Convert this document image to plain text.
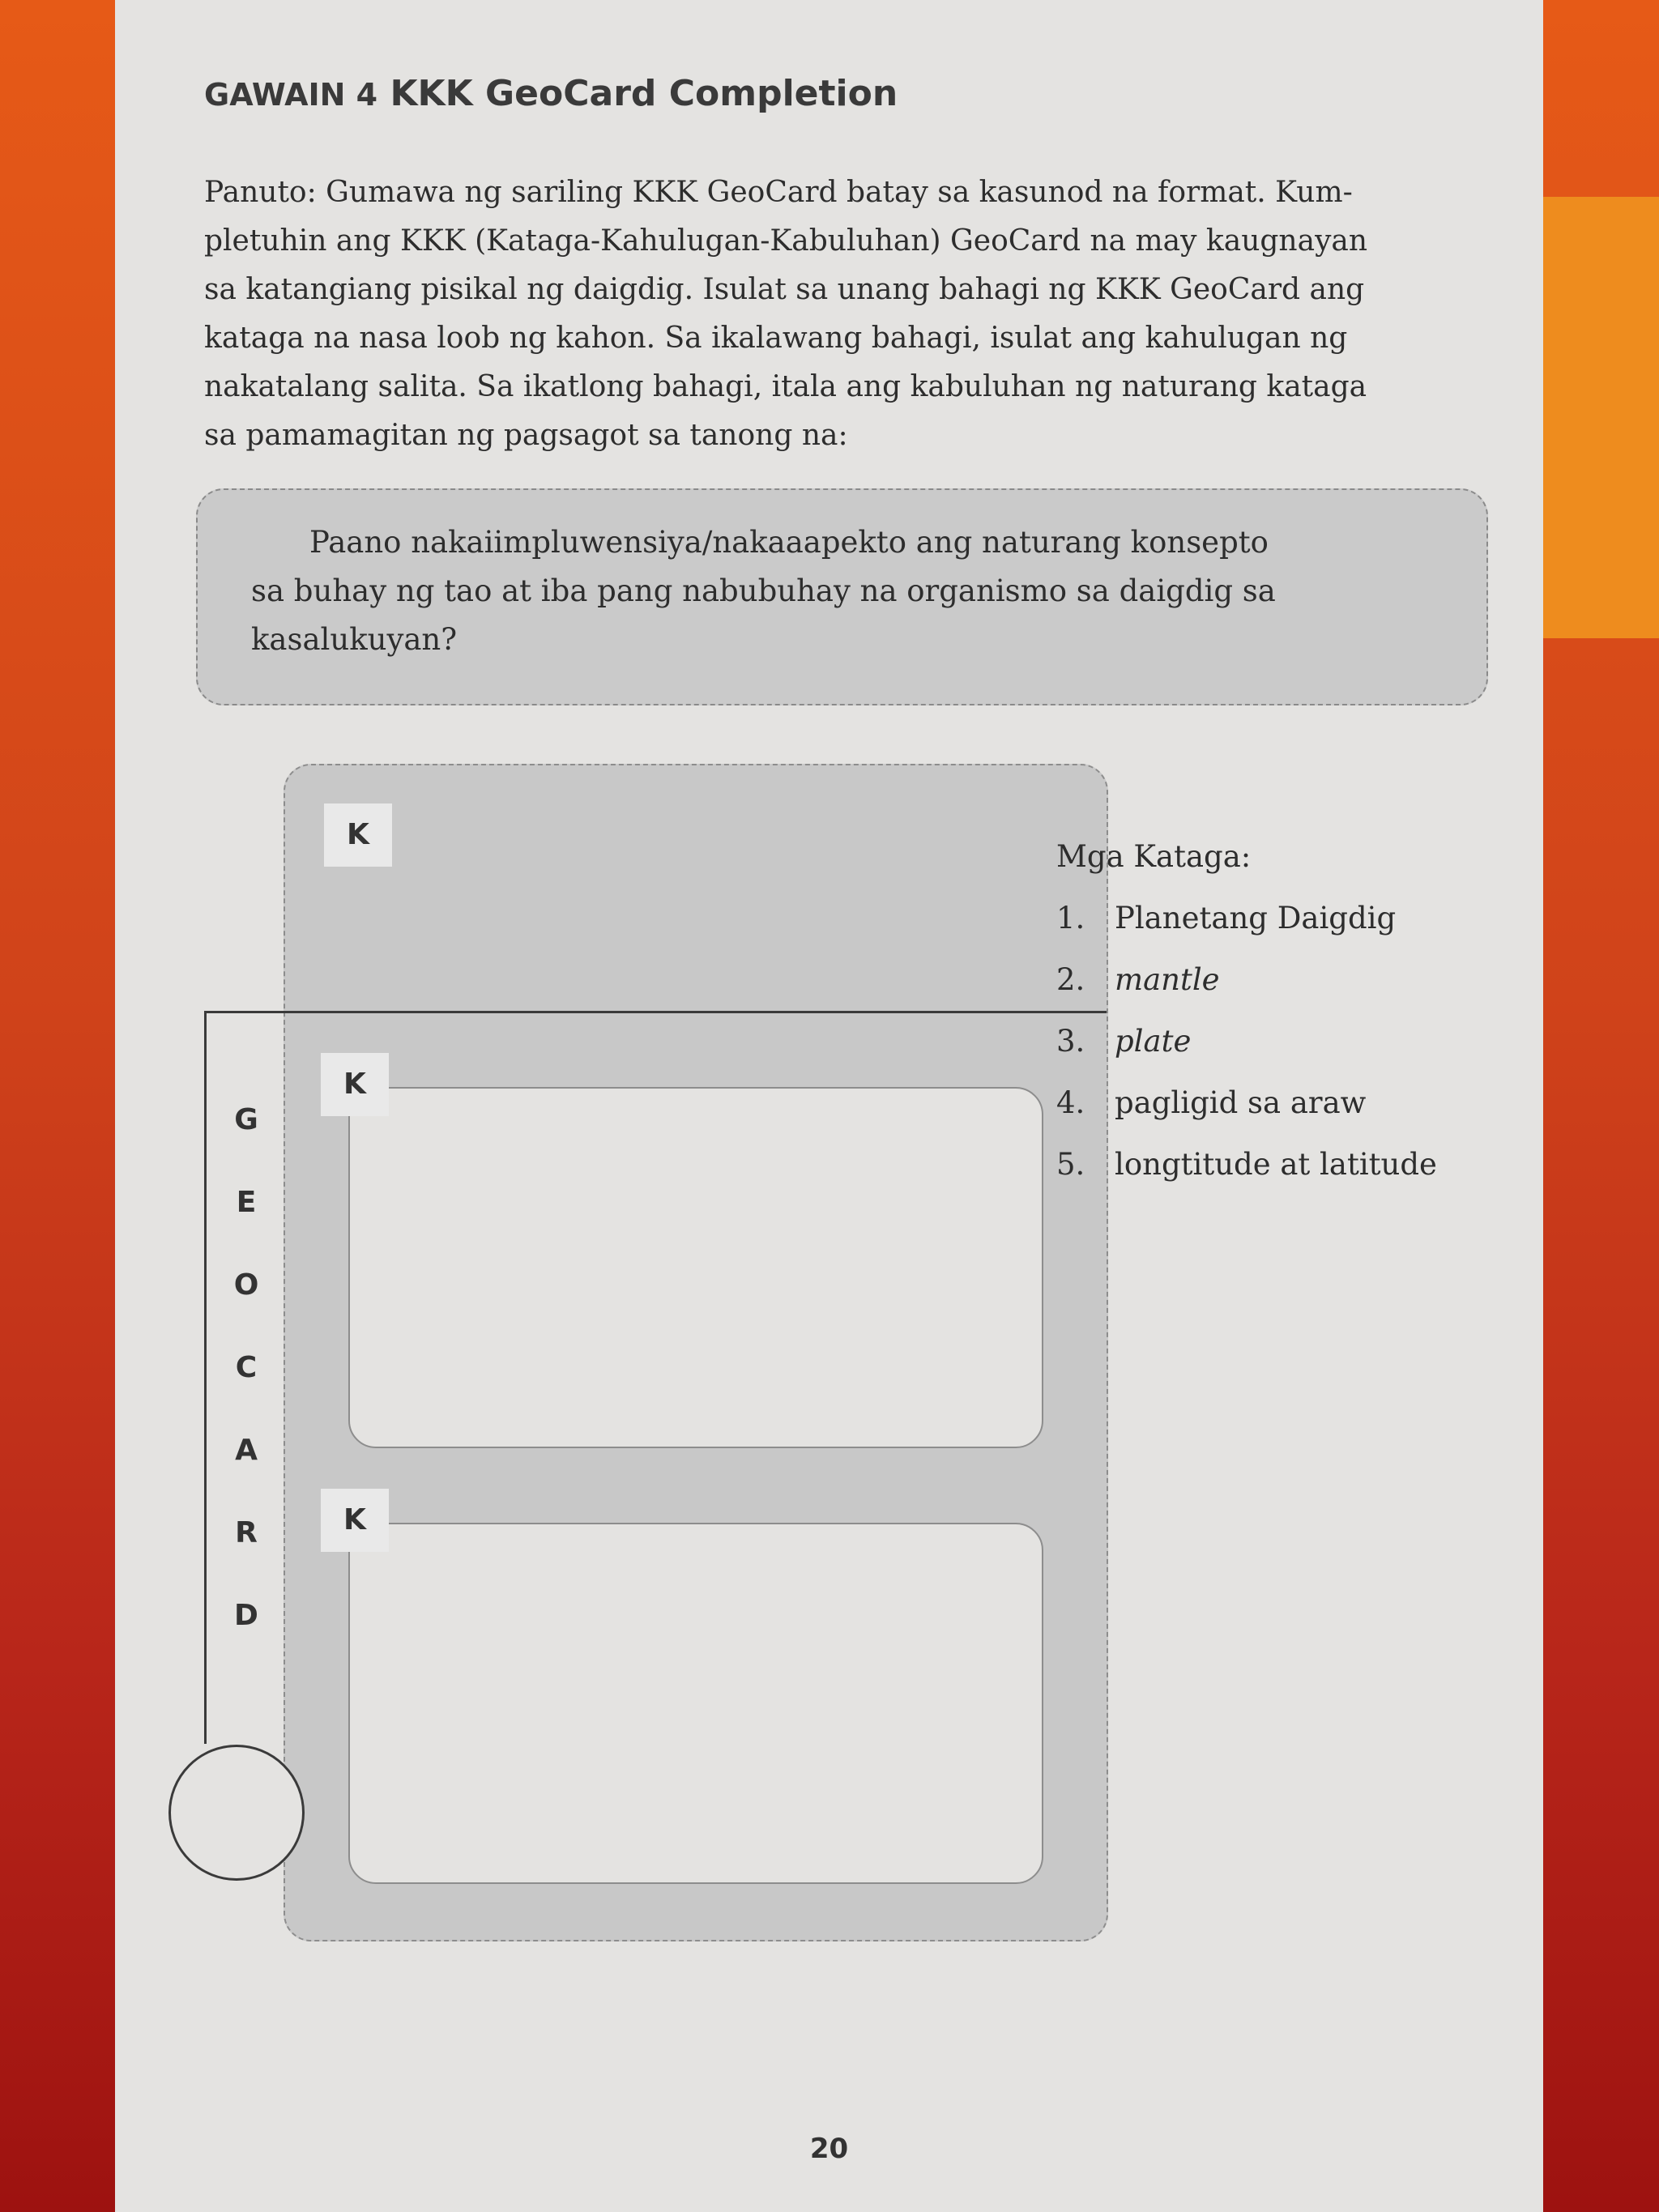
GAWAIN 4 KKK GeoCard Completion

Panuto: Gumawa ng sariling KKK GeoCard batay sa kasunod na format. Kum-
pletuhin ang KKK (Kataga-Kahulugan-Kabuluhan) GeoCard na may kaugnayan
sa katangiang pisikal ng daigdig. Isulat sa unang bahagi ng KKK GeoCard ang
kataga na nasa loob ng kahon. Sa ikalawang bahagi, isulat ang kahulugan ng
nakatalang salita. Sa ikatlong bahagi, itala ang kabuluhan ng naturang kataga
sa pamamagitan ng pagsagot sa tanong na:

Paano nakaiimpluwensiya/nakaaapekto ang naturang konsepto
sa buhay ng tao at iba pang nabubuhay na organismo sa daigdig sa
kasalukuyan?

K
K
K
G
E
O
C
A
R
D
Mga Kataga:
1. Planetang Daigdig
2. mantle
3. plate
4. pagligid sa araw
5. longtitude at latitude
20
